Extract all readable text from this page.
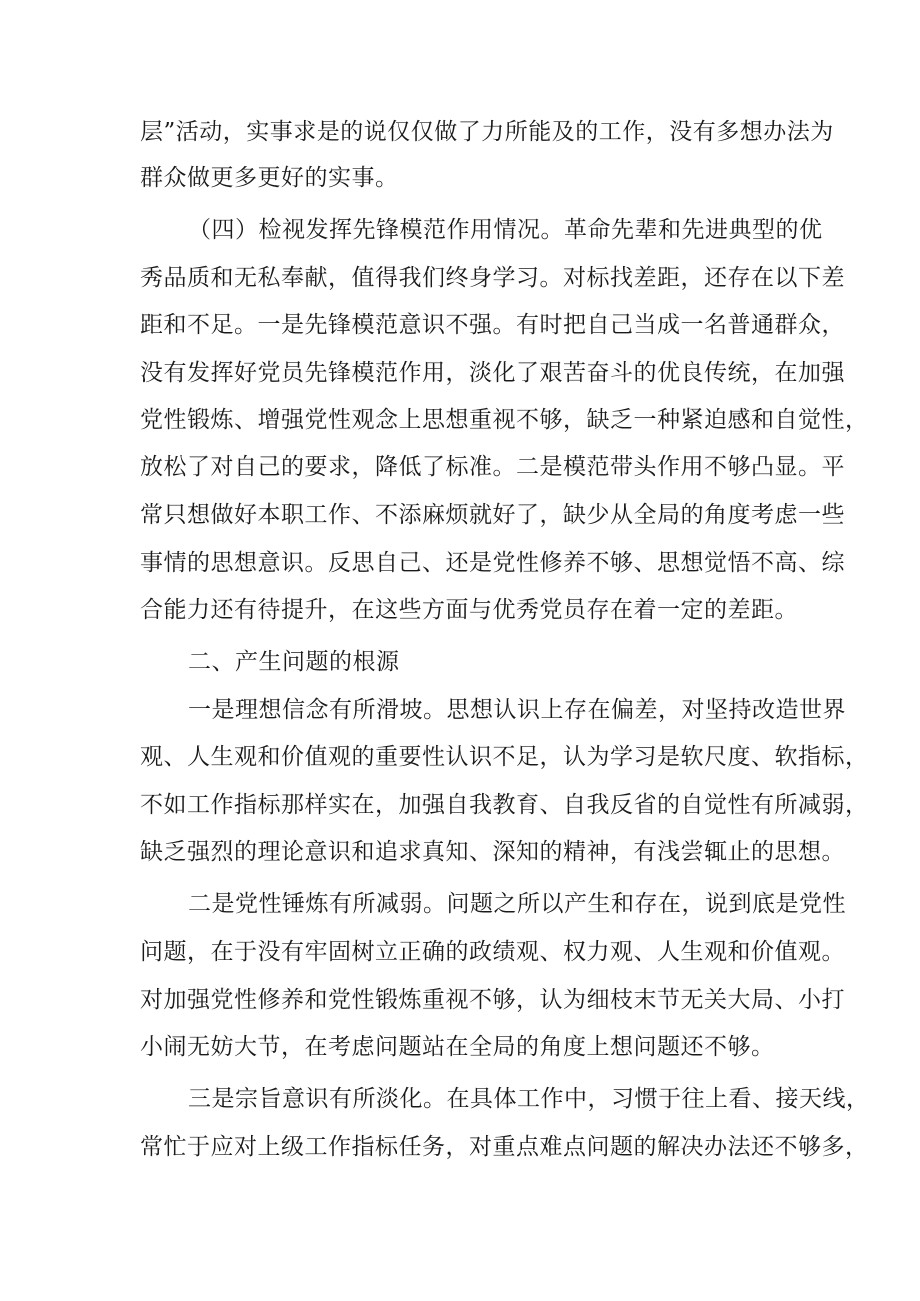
层”活动，实事求是的说仅仅做了力所能及的工作，没有多想办法为
群众做更多更好的实事。
（四）检视发挥先锋模范作用情况。革命先辈和先进典型的优
秀品质和无私奉献，值得我们终身学习。对标找差距，还存在以下差
距和不足。一是先锋模范意识不强。有时把自己当成一名普通群众，
没有发挥好党员先锋模范作用，淡化了艰苦奋斗的优良传统，在加强
党性锻炼、增强党性观念上思想重视不够，缺乏一种紧迫感和自觉性，
放松了对自己的要求，降低了标准。二是模范带头作用不够凸显。平
常只想做好本职工作、不添麻烦就好了，缺少从全局的角度考虑一些
事情的思想意识。反思自己、还是党性修养不够、思想觉悟不高、综
合能力还有待提升，在这些方面与优秀党员存在着一定的差距。
二、产生问题的根源
一是理想信念有所滑坡。思想认识上存在偏差，对坚持改造世界
观、人生观和价值观的重要性认识不足，认为学习是软尺度、软指标，
不如工作指标那样实在，加强自我教育、自我反省的自觉性有所减弱，
缺乏强烈的理论意识和追求真知、深知的精神，有浅尝辄止的思想。
二是党性锤炼有所减弱。问题之所以产生和存在，说到底是党性
问题，在于没有牢固树立正确的政绩观、权力观、人生观和价值观。
对加强党性修养和党性锻炼重视不够，认为细枝末节无关大局、小打
小闹无妨大节，在考虑问题站在全局的角度上想问题还不够。
三是宗旨意识有所淡化。在具体工作中，习惯于往上看、接天线，
常忙于应对上级工作指标任务，对重点难点问题的解决办法还不够多，
